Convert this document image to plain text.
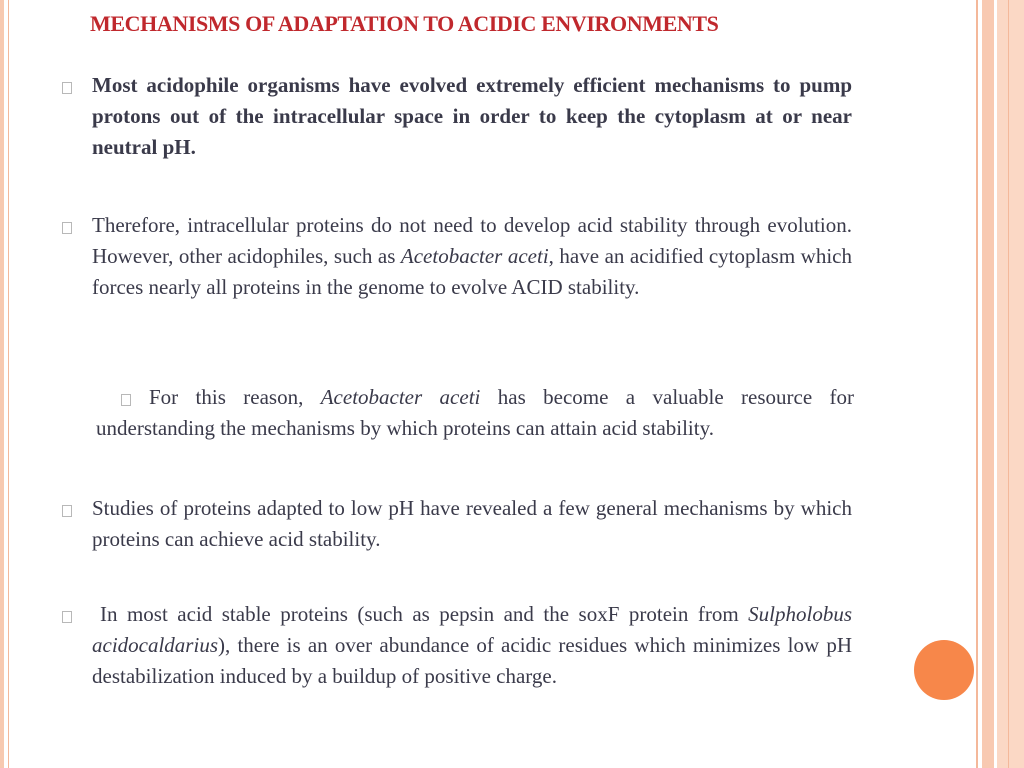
MECHANISMS OF ADAPTATION TO ACIDIC ENVIRONMENTS
Most acidophile organisms have evolved extremely efficient mechanisms to pump protons out of the intracellular space in order to keep the cytoplasm at or near neutral pH.
Therefore, intracellular proteins do not need to develop acid stability through evolution. However, other acidophiles, such as Acetobacter aceti, have an acidified cytoplasm which forces nearly all proteins in the genome to evolve ACID stability.
For this reason, Acetobacter aceti has become a valuable resource for understanding the mechanisms by which proteins can attain acid stability.
Studies of proteins adapted to low pH have revealed a few general mechanisms by which proteins can achieve acid stability.
In most acid stable proteins (such as pepsin and the soxF protein from Sulpholobus acidocaldarius), there is an over abundance of acidic residues which minimizes low pH destabilization induced by a buildup of positive charge.
